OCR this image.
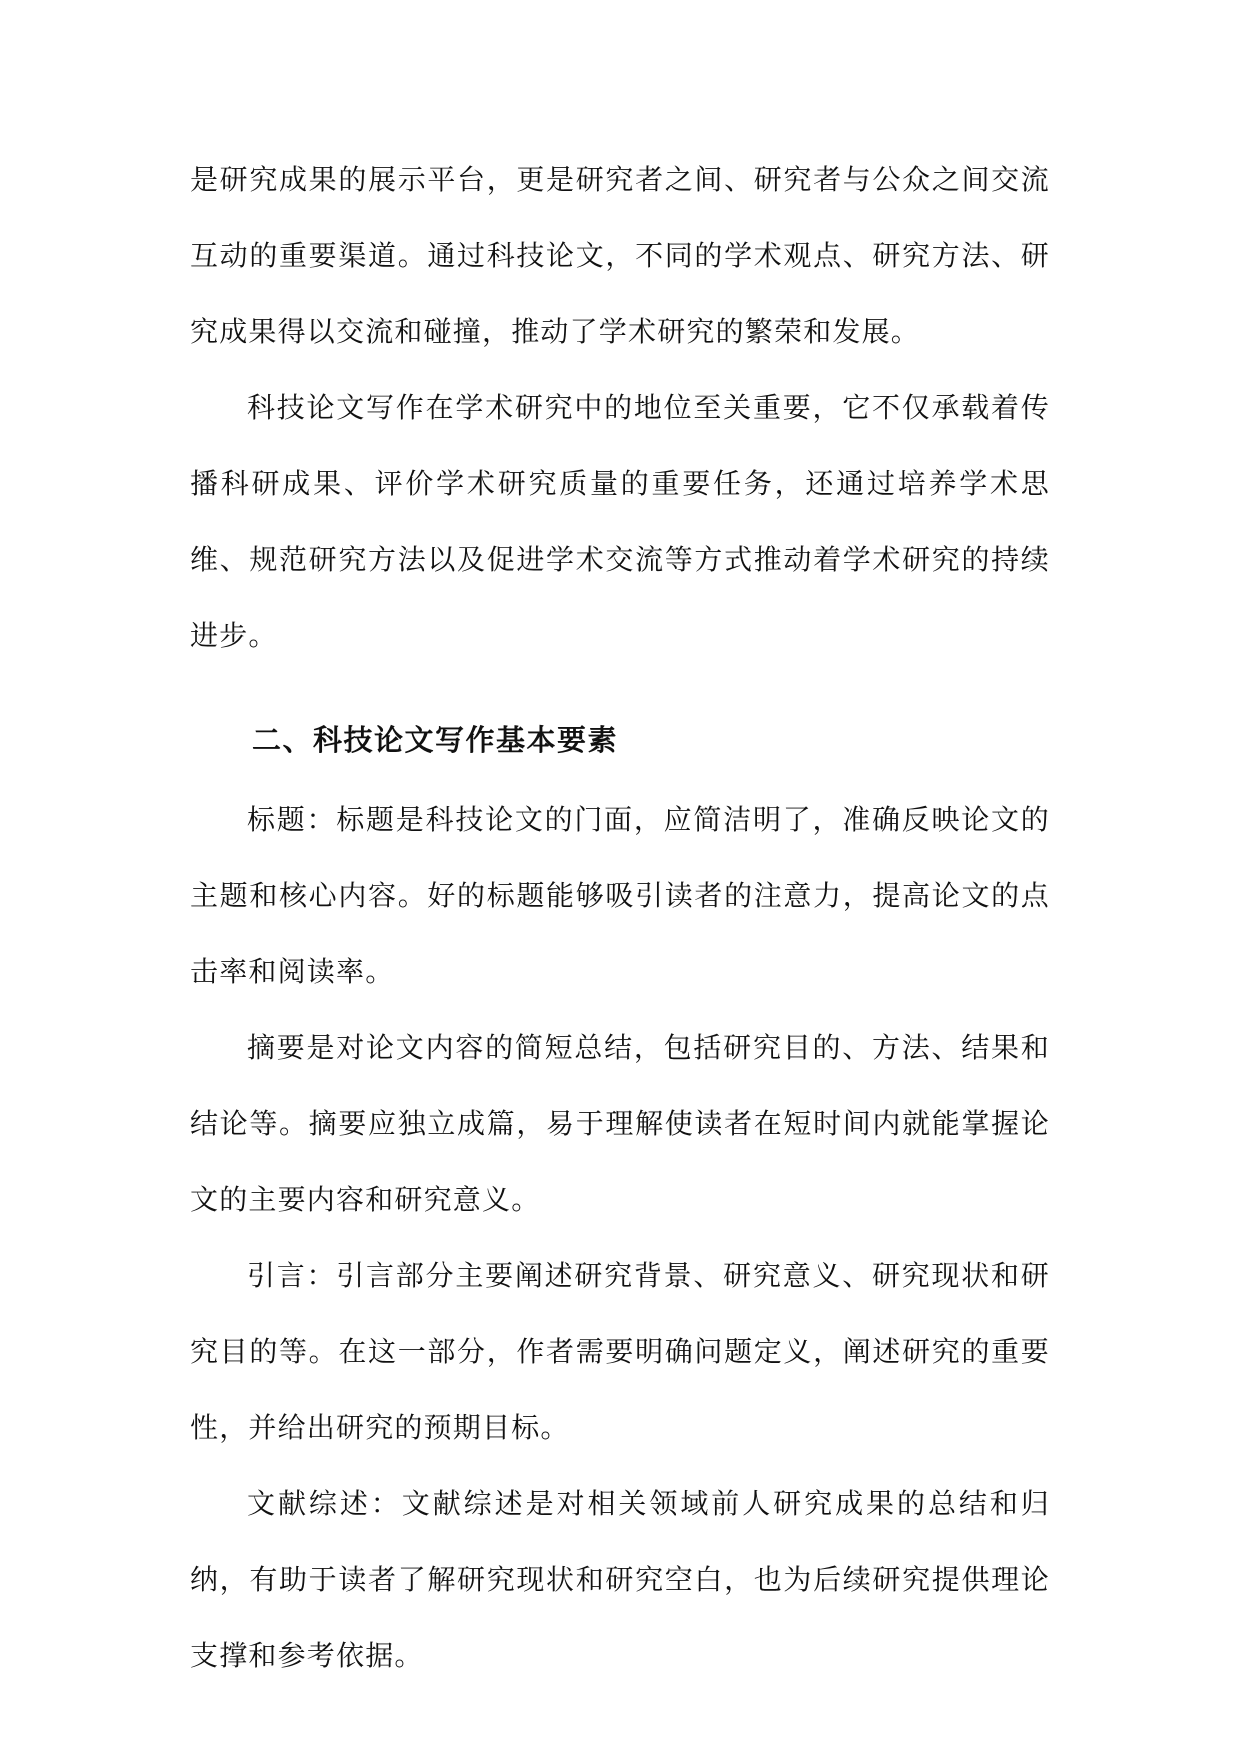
是研究成果的展示平台，更是研究者之间、研究者与公众之间交流互动的重要渠道。通过科技论文，不同的学术观点、研究方法、研究成果得以交流和碰撞，推动了学术研究的繁荣和发展。

科技论文写作在学术研究中的地位至关重要，它不仅承载着传播科研成果、评价学术研究质量的重要任务，还通过培养学术思维、规范研究方法以及促进学术交流等方式推动着学术研究的持续进步。

二、科技论文写作基本要素

标题：标题是科技论文的门面，应简洁明了，准确反映论文的主题和核心内容。好的标题能够吸引读者的注意力，提高论文的点击率和阅读率。

摘要是对论文内容的简短总结，包括研究目的、方法、结果和结论等。摘要应独立成篇，易于理解使读者在短时间内就能掌握论文的主要内容和研究意义。

引言：引言部分主要阐述研究背景、研究意义、研究现状和研究目的等。在这一部分，作者需要明确问题定义，阐述研究的重要性，并给出研究的预期目标。

文献综述：文献综述是对相关领域前人研究成果的总结和归纳，有助于读者了解研究现状和研究空白，也为后续研究提供理论支撑和参考依据。
